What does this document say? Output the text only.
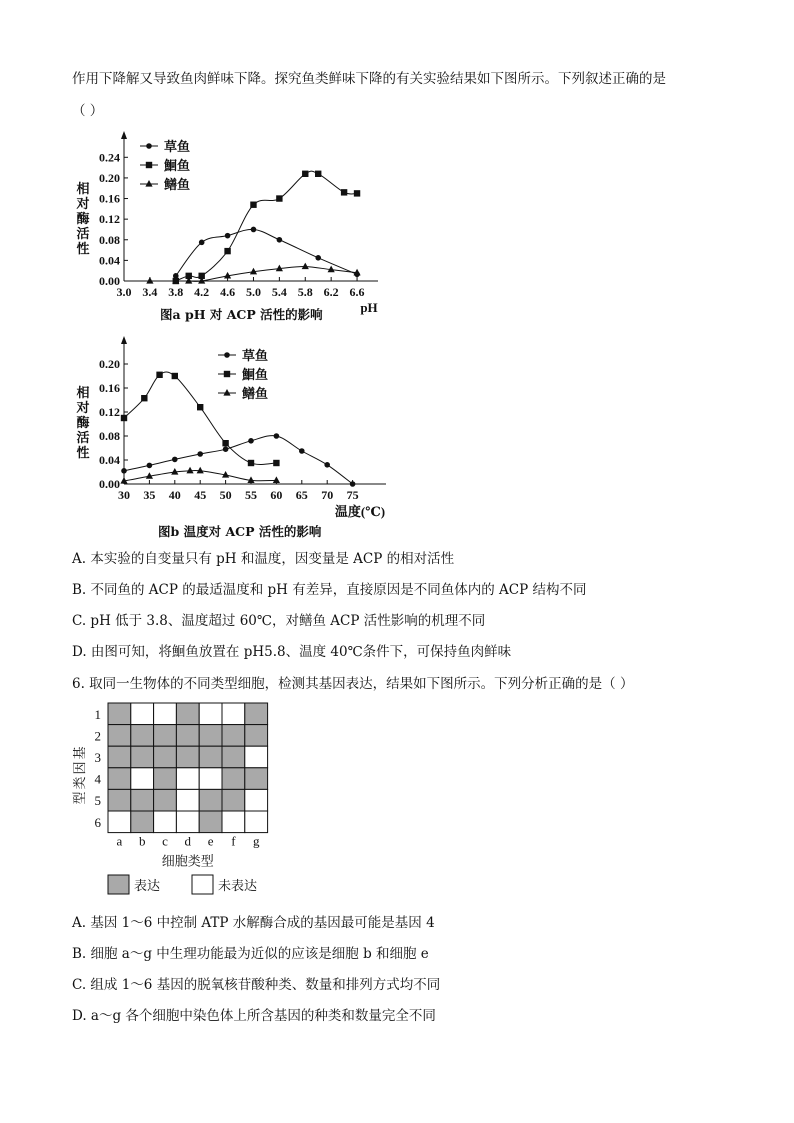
作用下降解又导致鱼肉鲜味下降。探究鱼类鲜味下降的有关实验结果如下图所示。下列叙述正确的是
（ ）
0.00
0.04
0.08
0.12
0.16
0.20
0.24
3.0 3.4 3.8 4.2 4.6 5.0 5.4 5.8 6.2 6.6
相
对
酶
活
性
pH
草鱼
鮰鱼
鳝鱼
图a pH 对 ACP 活性的影响
0.00
0.04
0.08
0.12
0.16
0.20
30 35 40 45 50 55 60 65 70 75
相
对
酶
活
性
温度(℃)
草鱼
鮰鱼
鳝鱼
图b 温度对 ACP 活性的影响
A. 本实验的自变量只有 pH 和温度，因变量是 ACP 的相对活性
B. 不同鱼的 ACP 的最适温度和 pH 有差异，直接原因是不同鱼体内的 ACP 结构不同
C. pH 低于 3.8、温度超过 60℃，对鳝鱼 ACP 活性影响的机理不同
D. 由图可知，将鮰鱼放置在 pH5.8、温度 40℃条件下，可保持鱼肉鲜味
6. 取同一生物体的不同类型细胞，检测其基因表达，结果如下图所示。下列分析正确的是（ ）
1
2
3
4
5
6
a b c d e f g
基
因
类
型
细胞类型
表达	未表达
A. 基因 1～6 中控制 ATP 水解酶合成的基因最可能是基因 4
B. 细胞 a～g 中生理功能最为近似的应该是细胞 b 和细胞 e
C. 组成 1～6 基因的脱氧核苷酸种类、数量和排列方式均不同
D. a～g 各个细胞中染色体上所含基因的种类和数量完全不同
